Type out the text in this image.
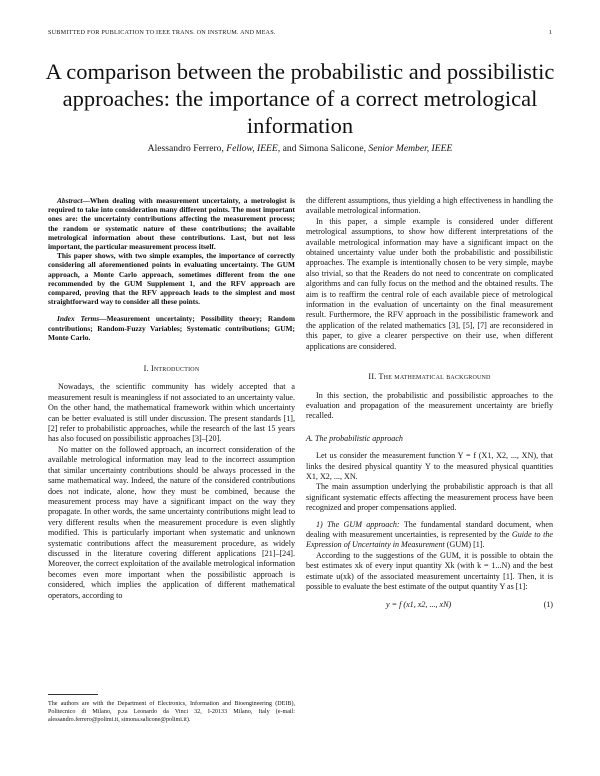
SUBMITTED FOR PUBLICATION TO IEEE TRANS. ON INSTRUM. AND MEAS.	1
A comparison between the probabilistic and possibilistic approaches: the importance of a correct metrological information
Alessandro Ferrero, Fellow, IEEE, and Simona Salicone, Senior Member, IEEE

Abstract—When dealing with measurement uncertainty, a metrologist is required to take into consideration many different points. The most important ones are: the uncertainty contributions affecting the measurement process; the random or systematic nature of these contributions; the available metrological information about these contributions. Last, but not less important, the particular measurement process itself.

This paper shows, with two simple examples, the importance of correctly considering all aforementioned points in evaluating uncertainty. The GUM approach, a Monte Carlo approach, sometimes different from the one recommended by the GUM Supplement 1, and the RFV approach are compared, proving that the RFV approach leads to the simplest and most straightforward way to consider all these points.

Index Terms—Measurement uncertainty; Possibility theory; Random contributions; Random-Fuzzy Variables; Systematic contributions; GUM; Monte Carlo.

I. Introduction

Nowadays, the scientific community has widely accepted that a measurement result is meaningless if not associated to an uncertainty value. On the other hand, the mathematical framework within which uncertainty can be better evaluated is still under discussion. The present standards [1], [2] refer to probabilistic approaches, while the research of the last 15 years has also focused on possibilistic approaches [3]–[20].

No matter on the followed approach, an incorrect consideration of the available metrological information may lead to the incorrect assumption that similar uncertainty contributions should be always processed in the same mathematical way. Indeed, the nature of the considered contributions does not indicate, alone, how they must be combined, because the measurement process may have a significant impact on the way they propagate. In other words, the same uncertainty contributions might lead to very different results when the measurement procedure is even slightly modified. This is particularly important when systematic and unknown systematic contributions affect the measurement procedure, as widely discussed in the literature covering different applications [21]–[24]. Moreover, the correct exploitation of the available metrological information becomes even more important when the possibilistic approach is considered, which implies the application of different mathematical operators, according to

The authors are with the Department of Electronics, Information and Bioengineering (DEIB), Politecnico di Milano, p.za Leonardo da Vinci 32, I-20133 Milano, Italy (e-mail: alessandro.ferrero@polimi.it, simona.salicone@polimi.it).

the different assumptions, thus yielding a high effectiveness in handling the available metrological information.

In this paper, a simple example is considered under different metrological assumptions, to show how different interpretations of the available metrological information may have a significant impact on the obtained uncertainty value under both the probabilistic and possibilistic approaches. The example is intentionally chosen to be very simple, maybe also trivial, so that the Readers do not need to concentrate on complicated algorithms and can fully focus on the method and the obtained results. The aim is to reaffirm the central role of each available piece of metrological information in the evaluation of uncertainty on the final measurement result. Furthermore, the RFV approach in the possibilistic framework and the application of the related mathematics [3], [5], [7] are reconsidered in this paper, to give a clearer perspective on their use, when different applications are considered.

II. The mathematical background

In this section, the probabilistic and possibilistic approaches to the evaluation and propagation of the measurement uncertainty are briefly recalled.

A. The probabilistic approach

Let us consider the measurement function Y = f (X1, X2, ..., XN), that links the desired physical quantity Y to the measured physical quantities X1, X2, ..., XN.

The main assumption underlying the probabilistic approach is that all significant systematic effects affecting the measurement process have been recognized and proper compensations applied.

1) The GUM approach: The fundamental standard document, when dealing with measurement uncertainties, is represented by the Guide to the Expression of Uncertainty in Measurement (GUM) [1].

According to the suggestions of the GUM, it is possible to obtain the best estimates xk of every input quantity Xk (with k = 1...N) and the best estimate u(xk) of the associated measurement uncertainty [1]. Then, it is possible to evaluate the best estimate of the output quantity Y as [1]:

y = f (x1, x2, ..., xN)	(1)
